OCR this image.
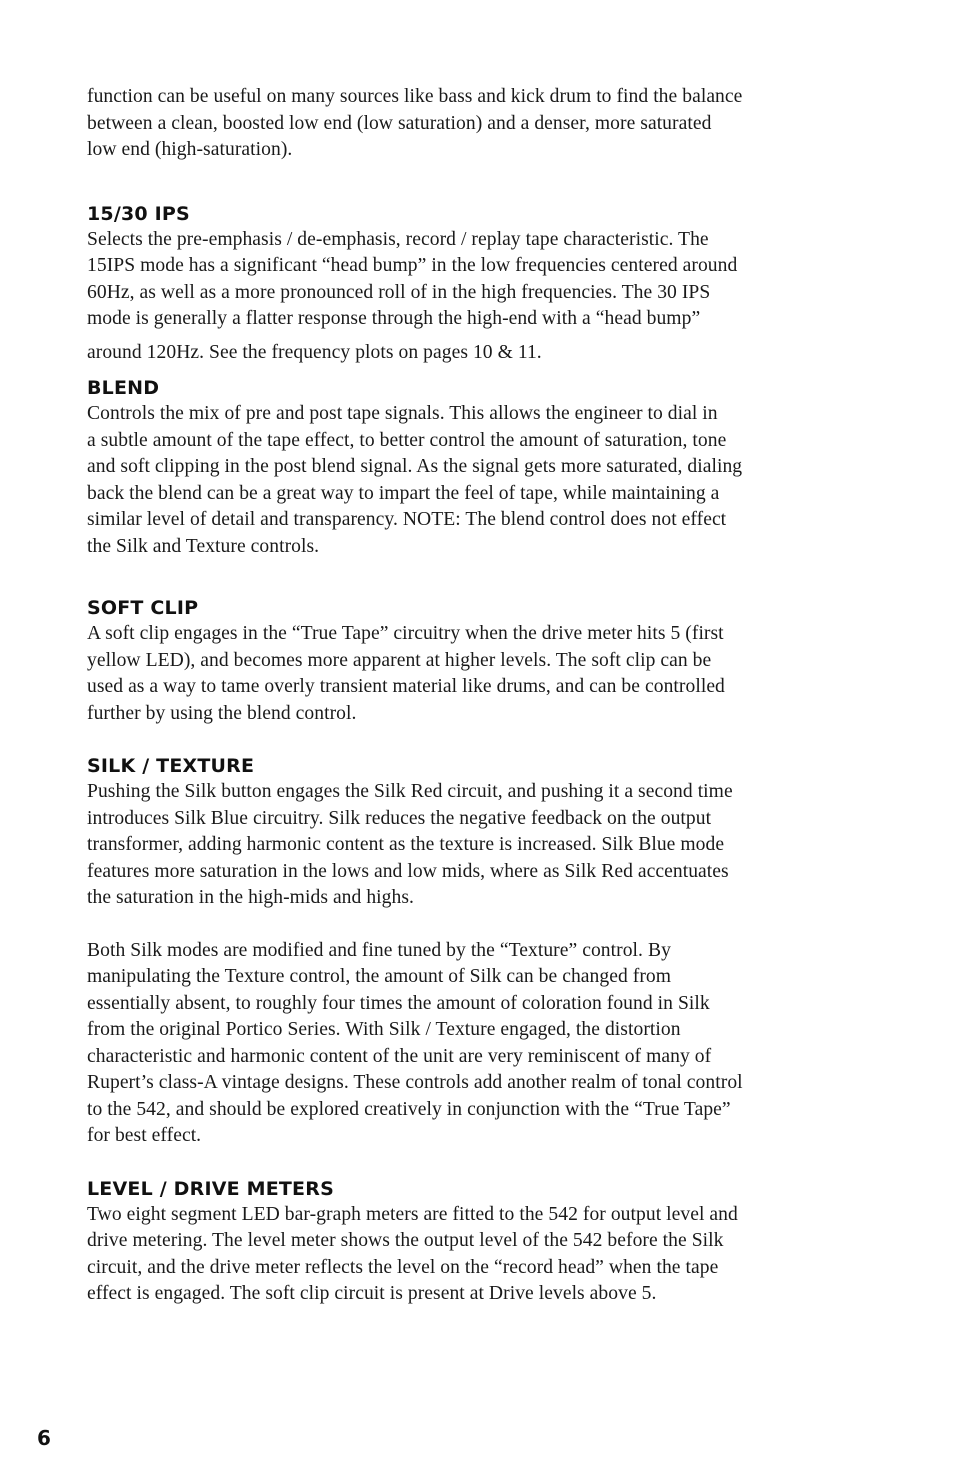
function can be useful on many sources like bass and kick drum to find the balance
between a clean, boosted low end (low saturation) and a denser, more saturated
low end (high-saturation).

15/30 IPS

Selects the pre-emphasis / de-emphasis, record / replay tape characteristic. The
15IPS mode has a significant “head bump” in the low frequencies centered around
60Hz, as well as a more pronounced roll of in the high frequencies. The 30 IPS
mode is generally a flatter response through the high-end with a “head bump”

around 120Hz. See the frequency plots on pages 10 & 11.

BLEND

Controls the mix of pre and post tape signals. This allows the engineer to dial in
a subtle amount of the tape effect, to better control the amount of saturation, tone
and soft clipping in the post blend signal. As the signal gets more saturated, dialing
back the blend can be a great way to impart the feel of tape, while maintaining a
similar level of detail and transparency. NOTE: The blend control does not effect
the Silk and Texture controls.

SOFT CLIP

A soft clip engages in the “True Tape” circuitry when the drive meter hits 5 (first
yellow LED), and becomes more apparent at higher levels. The soft clip can be
used as a way to tame overly transient material like drums, and can be controlled
further by using the blend control.

SILK / TEXTURE

Pushing the Silk button engages the Silk Red circuit, and pushing it a second time
introduces Silk Blue circuitry. Silk reduces the negative feedback on the output
transformer, adding harmonic content as the texture is increased. Silk Blue mode
features more saturation in the lows and low mids, where as Silk Red accentuates
the saturation in the high-mids and highs.

Both Silk modes are modified and fine tuned by the “Texture” control. By
manipulating the Texture control, the amount of Silk can be changed from
essentially absent, to roughly four times the amount of coloration found in Silk
from the original Portico Series. With Silk / Texture engaged, the distortion
characteristic and harmonic content of the unit are very reminiscent of many of
Rupert’s class-A vintage designs. These controls add another realm of tonal control
to the 542, and should be explored creatively in conjunction with the “True Tape”
for best effect.

LEVEL / DRIVE METERS

Two eight segment LED bar-graph meters are fitted to the 542 for output level and
drive metering. The level meter shows the output level of the 542 before the Silk
circuit, and the drive meter reflects the level on the “record head” when the tape
effect is engaged. The soft clip circuit is present at Drive levels above 5.

6
